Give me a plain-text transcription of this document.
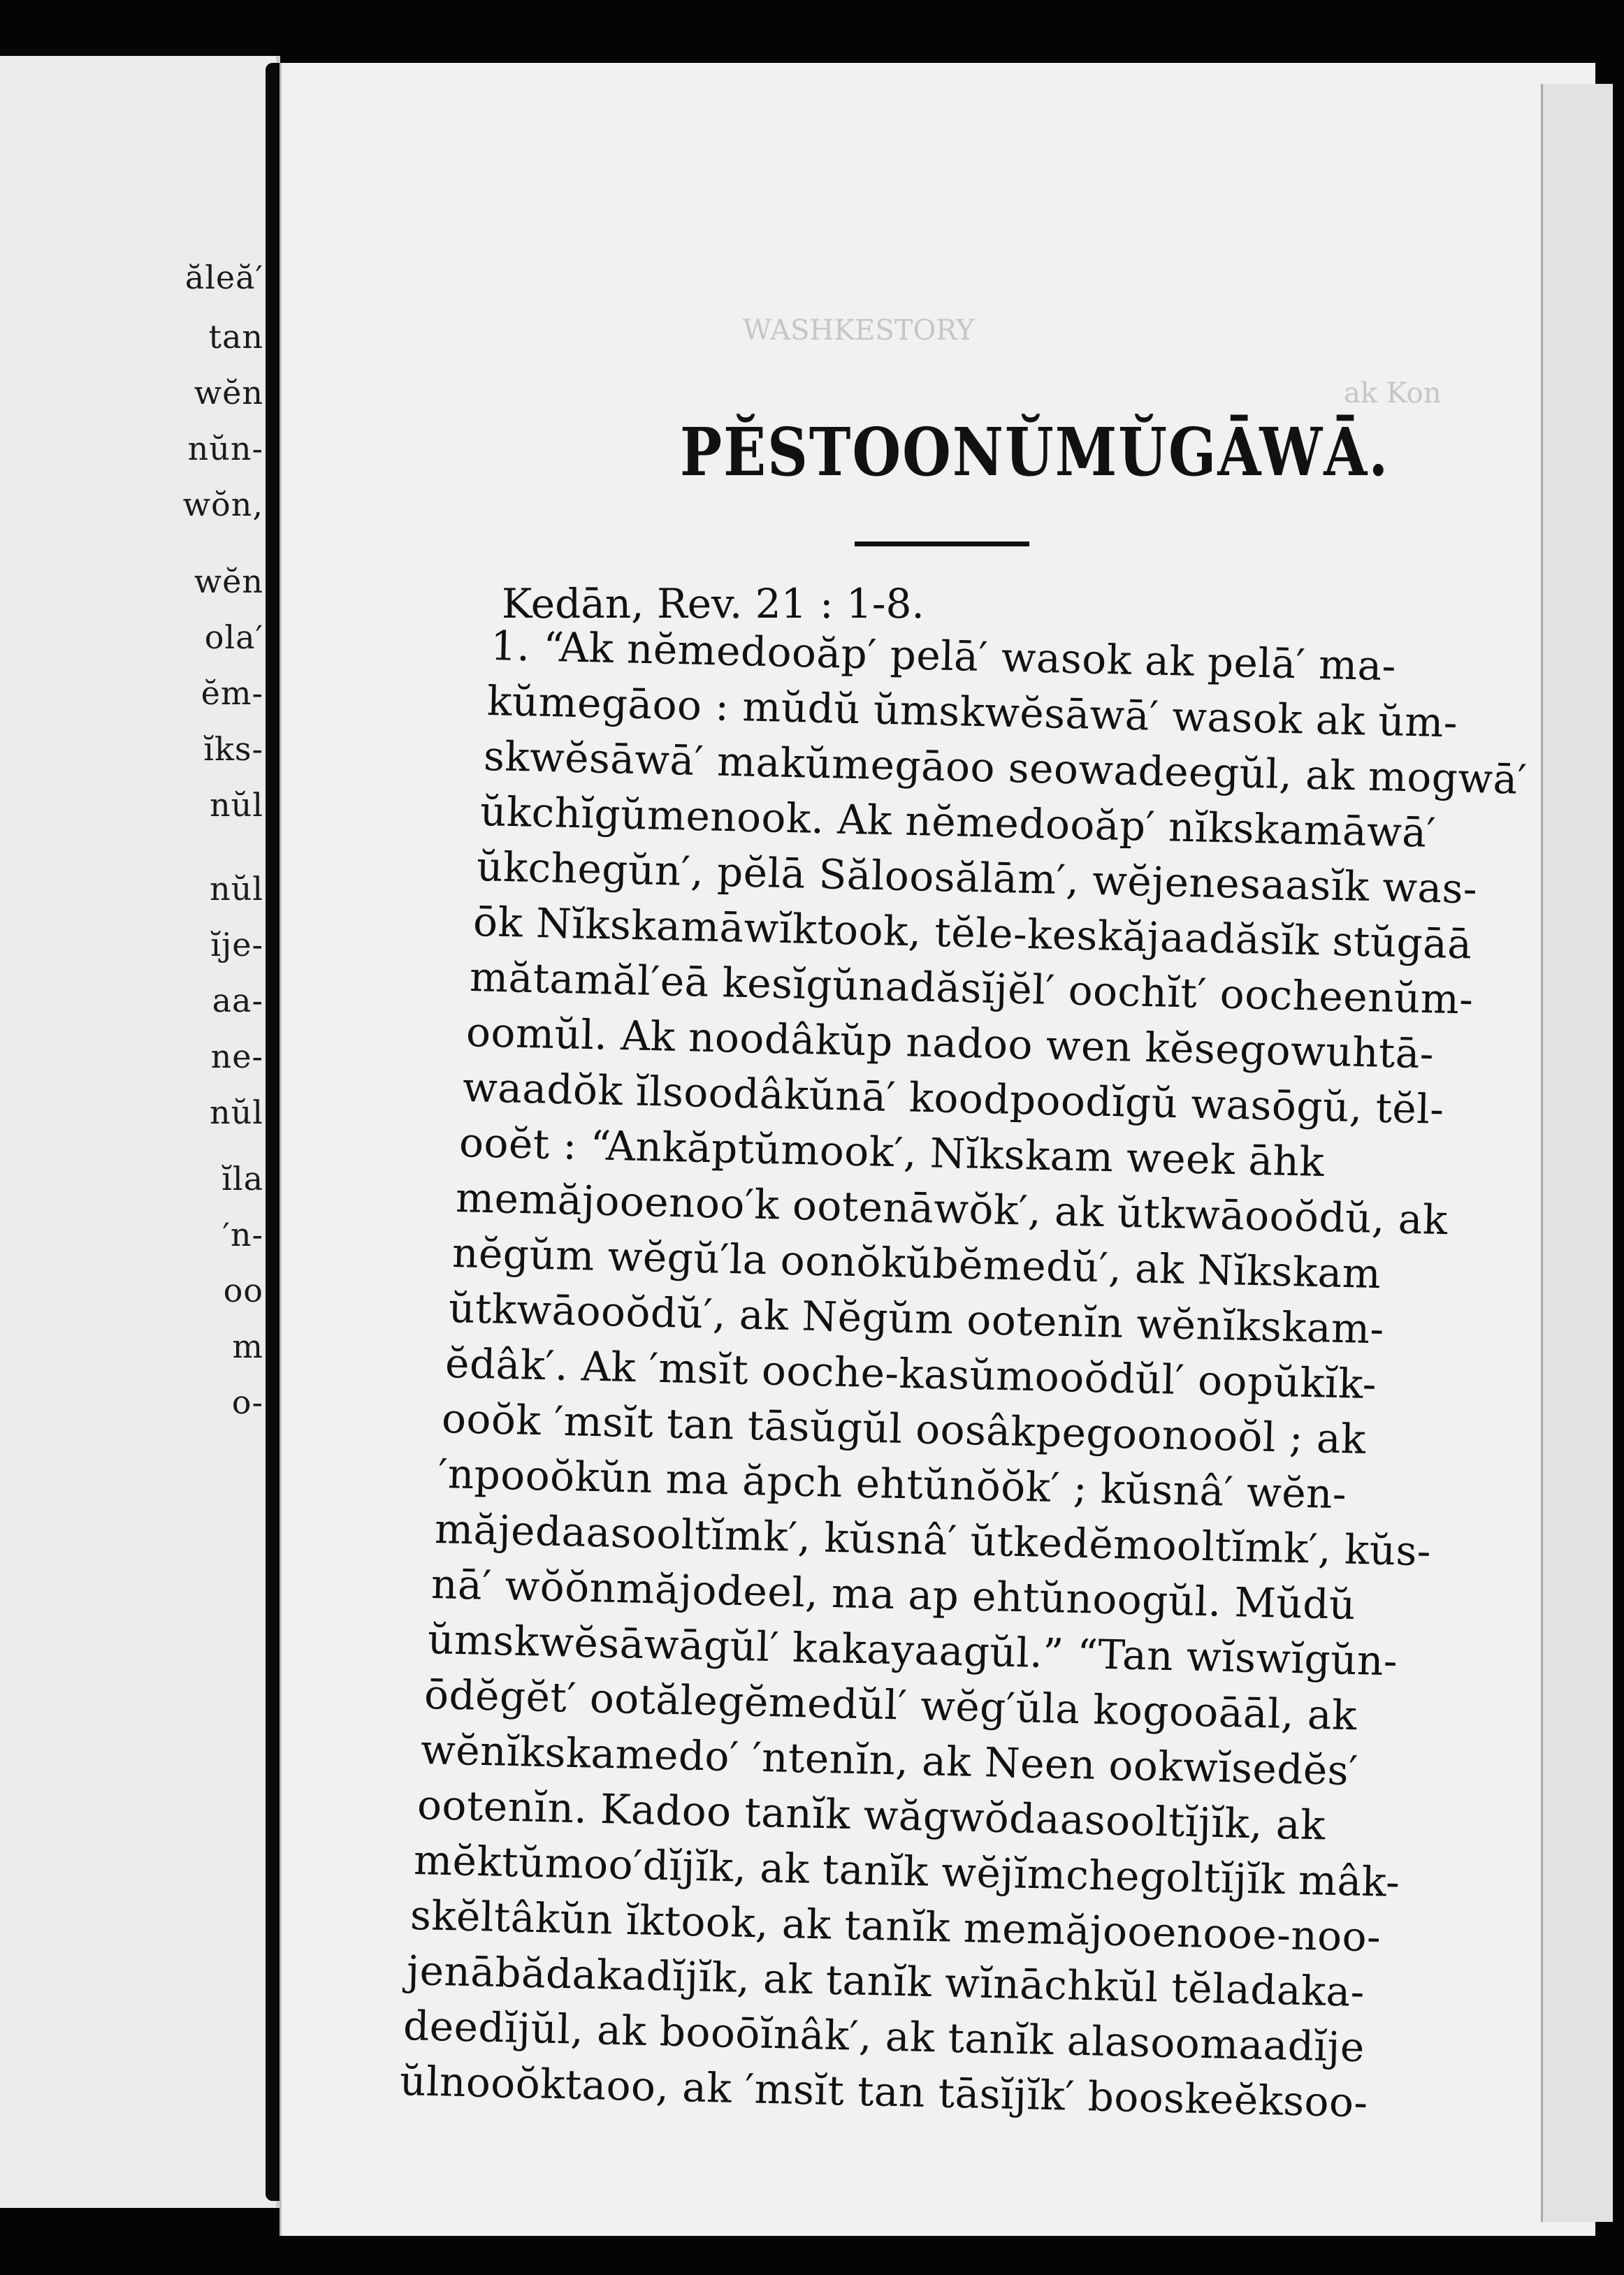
ăleă′
tan
wĕn
nŭn-
wŏn,
wĕn
ola′
ĕm-
ĭks-
nŭl
nŭl
ĭje-
aa-
ne-
nŭl
ĭla
′n-
oo
m
o-
WASHKESTORY
ak Kon
PĔSTOONŬMŬGĀWĀ.
Kedān, Rev. 21 : 1-8.
1. “Ak nĕmedooăp′ pelā′ wasok ak pelā′ ma-
kŭmegāoo : mŭdŭ ŭmskwĕsāwā′ wasok ak ŭm-
skwĕsāwā′ makŭmegāoo seowadeegŭl, ak mogwā′
ŭkchĭgŭmenook. Ak nĕmedooăp′ nĭkskamāwā′
ŭkchegŭn′, pĕlā Săloosălām′, wĕjenesaasĭk was-
ōk Nĭkskamāwĭktook, tĕle-keskăjaadăsĭk stŭgāā
mătamăl′eā kesĭgŭnadăsĭjĕl′ oochĭt′ oocheenŭm-
oomŭl. Ak noodâkŭp nadoo wen kĕsegowuhtā-
waadŏk ĭlsoodâkŭnā′ koodpoodĭgŭ wasōgŭ, tĕl-
ooĕt : “Ankăptŭmook′, Nĭkskam week āhk
memăjooenoo′k ootenāwŏk′, ak ŭtkwāooŏdŭ, ak
nĕgŭm wĕgŭ′la oonŏkŭbĕmedŭ′, ak Nĭkskam
ŭtkwāooŏdŭ′, ak Nĕgŭm ootenĭn wĕnĭkskam-
ĕdâk′. Ak ′msĭt ooche-kasŭmooŏdŭl′ oopŭkĭk-
ooŏk ′msĭt tan tāsŭgŭl oosâkpegoonooŏl ; ak
′npooŏkŭn ma ăpch ehtŭnŏŏk′ ; kŭsnâ′ wĕn-
măjedaasooltĭmk′, kŭsnâ′ ŭtkedĕmooltĭmk′, kŭs-
nā′ wŏŏnmăjodeel, ma ap ehtŭnoogŭl. Mŭdŭ
ŭmskwĕsāwāgŭl′ kakayaagŭl.” “Tan wĭswĭgŭn-
ōdĕgĕt′ ootălegĕmedŭl′ wĕg′ŭla kogooāāl, ak
wĕnĭkskamedo′ ′ntenĭn, ak Neen ookwĭsedĕs′
ootenĭn. Kadoo tanĭk wăgwŏdaasooltĭjĭk, ak
mĕktŭmoo′dĭjĭk, ak tanĭk wĕjĭmchegoltĭjĭk mâk-
skĕltâkŭn ĭktook, ak tanĭk memăjooenooe-noo-
jenābădakadĭjĭk, ak tanĭk wĭnāchkŭl tĕladaka-
deedĭjŭl, ak booōĭnâk′, ak tanĭk alasoomaadĭje
ŭlnooŏktaoo, ak ′msĭt tan tāsĭjĭk′ booskeĕksoo-
